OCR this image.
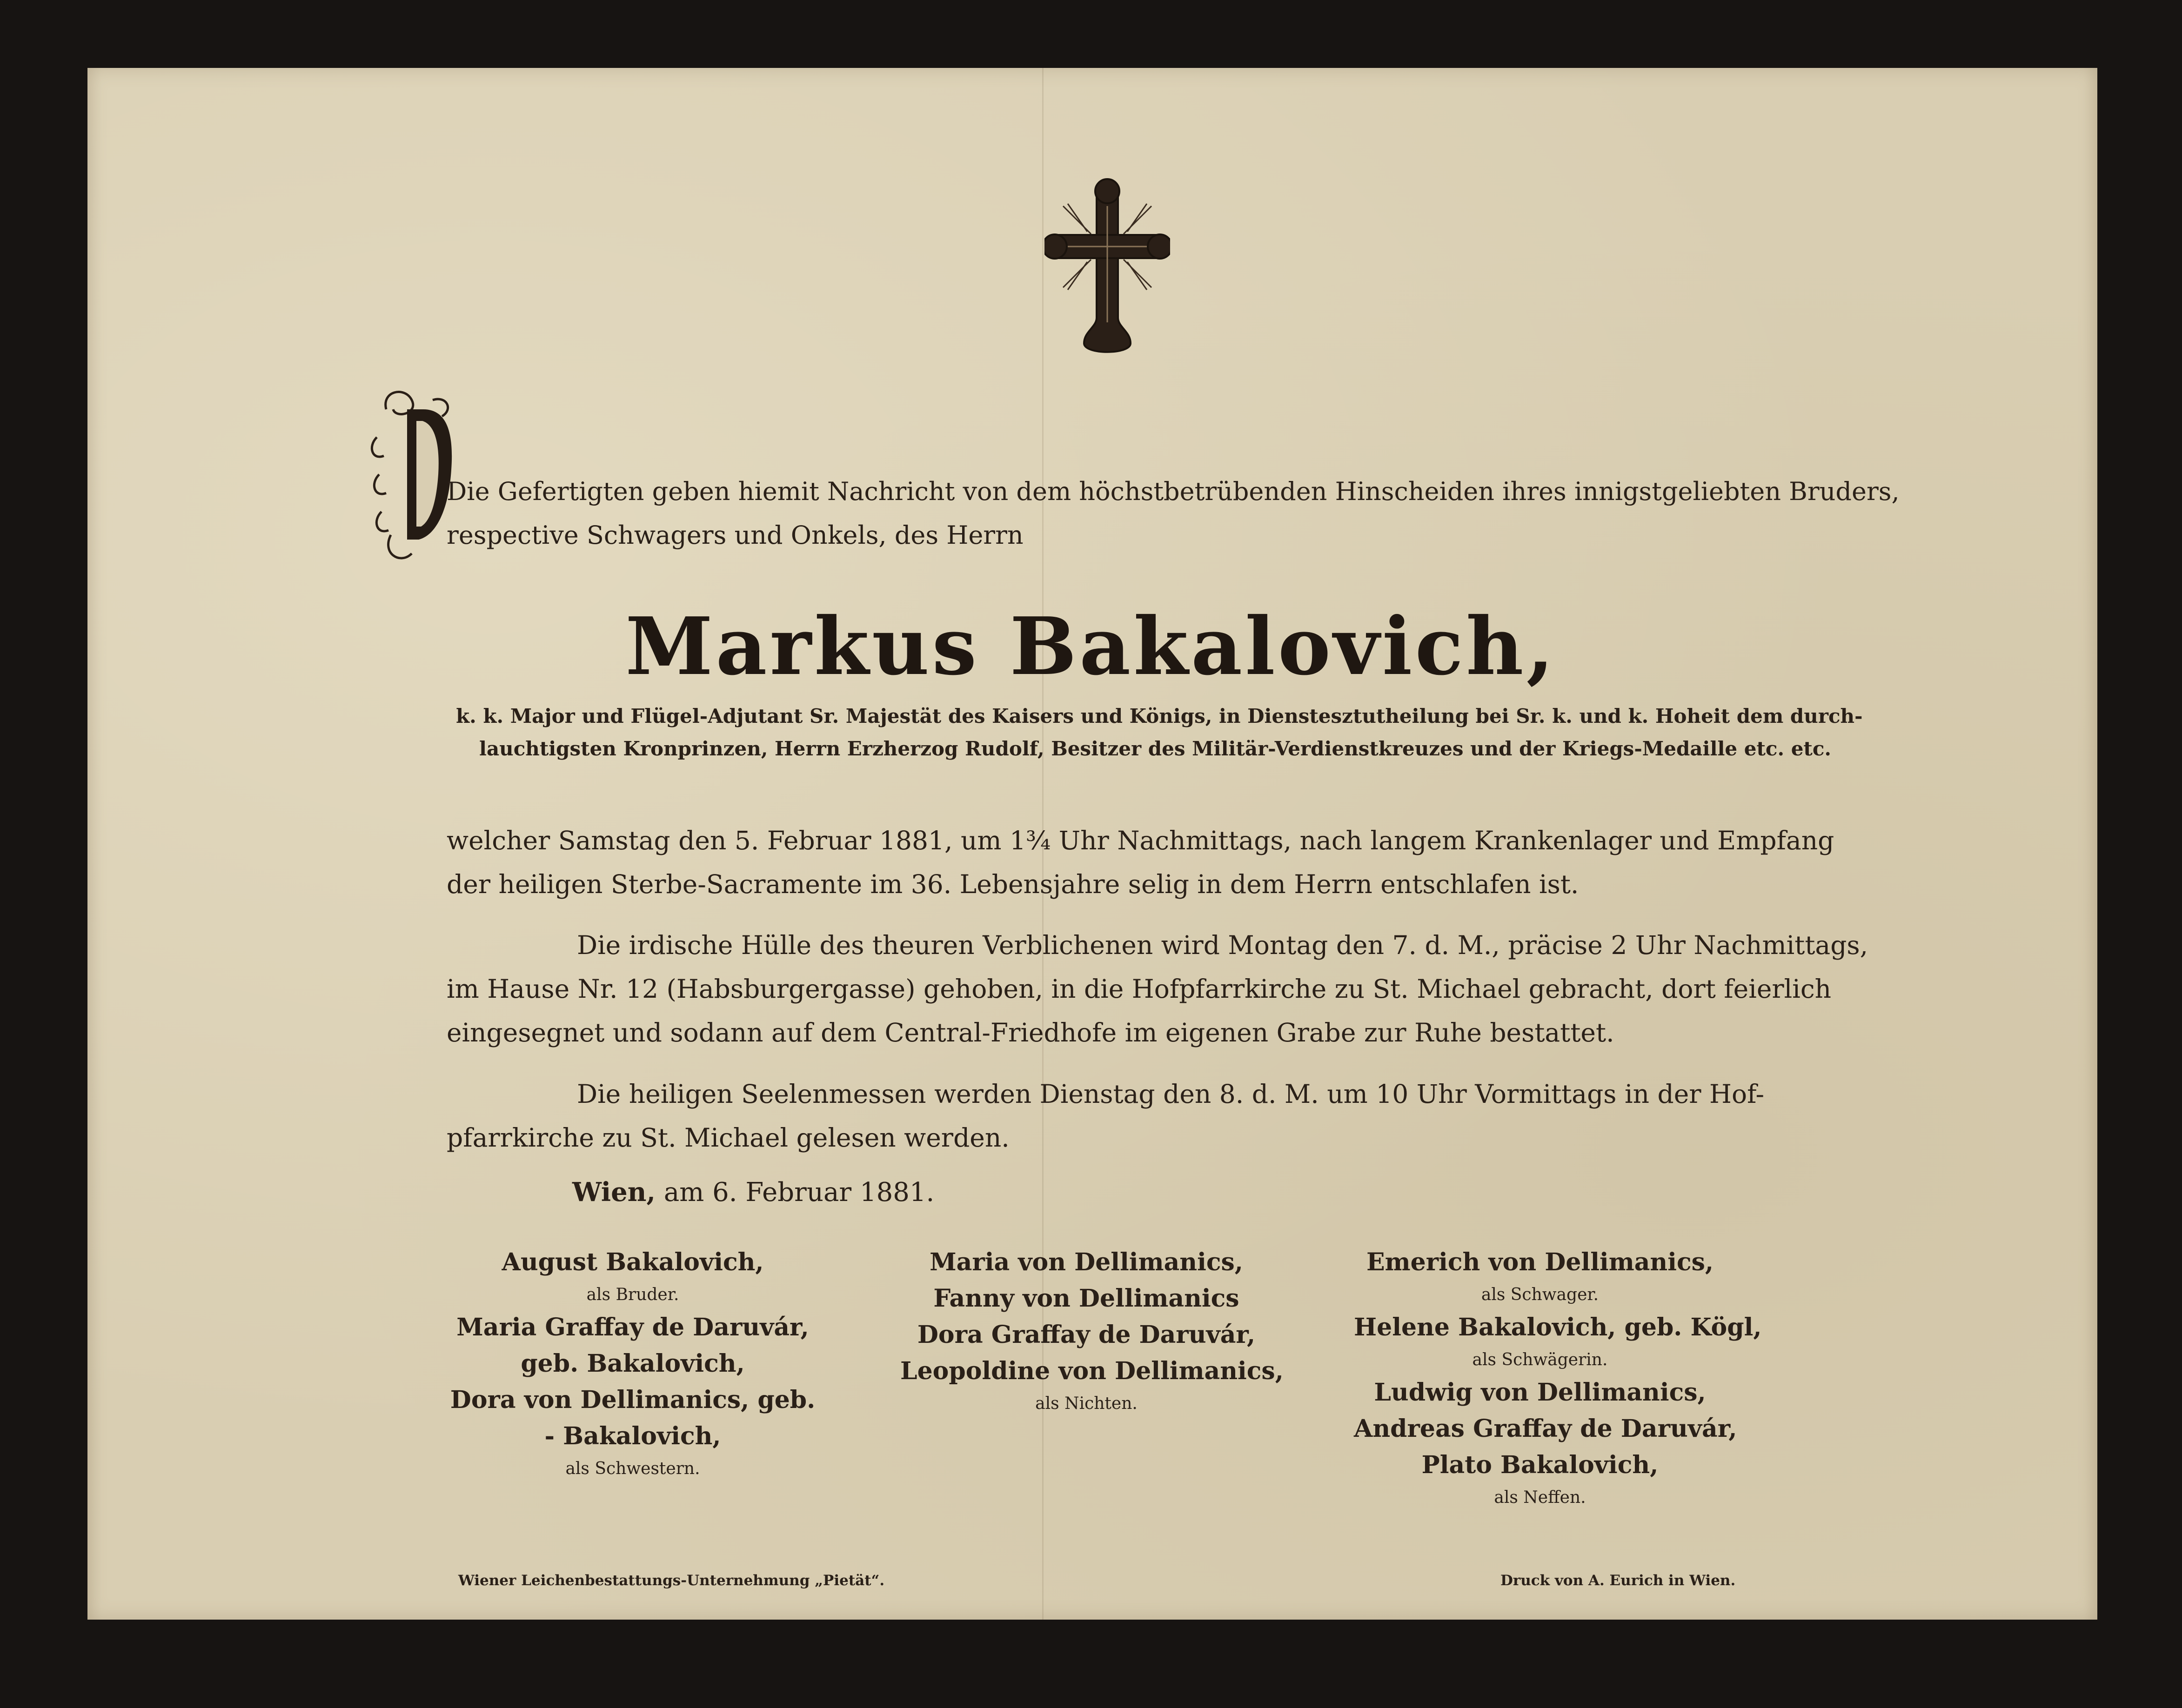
Die Gefertigten geben hiemit Nachricht von dem höchstbetrübenden Hinscheiden ihres innigstgeliebten Bruders,
respective Schwagers und Onkels, des Herrn
Markus Bakalovich,
k. k. Major und Flügel-Adjutant Sr. Majestät des Kaisers und Königs, in Dienstesztutheilung bei Sr. k. und k. Hoheit dem durch-
lauchtigsten Kronprinzen, Herrn Erzherzog Rudolf, Besitzer des Militär-Verdienstkreuzes und der Kriegs-Medaille etc. etc.
welcher Samstag den 5. Februar 1881, um 1¾ Uhr Nachmittags, nach langem Krankenlager und Empfang
der heiligen Sterbe-Sacramente im 36. Lebensjahre selig in dem Herrn entschlafen ist.
Die irdische Hülle des theuren Verblichenen wird Montag den 7. d. M., präcise 2 Uhr Nachmittags,
im Hause Nr. 12 (Habsburgergasse) gehoben, in die Hofpfarrkirche zu St. Michael gebracht, dort feierlich
eingesegnet und sodann auf dem Central-Friedhofe im eigenen Grabe zur Ruhe bestattet.
Die heiligen Seelenmessen werden Dienstag den 8. d. M. um 10 Uhr Vormittags in der Hof-
pfarrkirche zu St. Michael gelesen werden.
Wien, am 6. Februar 1881.
August Bakalovich,
als Bruder.
Maria Graffay de Daruvár,
geb. Bakalovich,
Dora von Dellimanics, geb.
- Bakalovich,
als Schwestern.
Maria von Dellimanics,
Fanny von Dellimanics
Dora Graffay de Daruvár,
Leopoldine von Dellimanics,
als Nichten.
Emerich von Dellimanics,
als Schwager.
Helene Bakalovich, geb. Kögl,
als Schwägerin.
Ludwig von Dellimanics,
Andreas Graffay de Daruvár,
Plato Bakalovich,
als Neffen.
Wiener Leichenbestattungs-Unternehmung „Pietät“.	Druck von A. Eurich in Wien.
